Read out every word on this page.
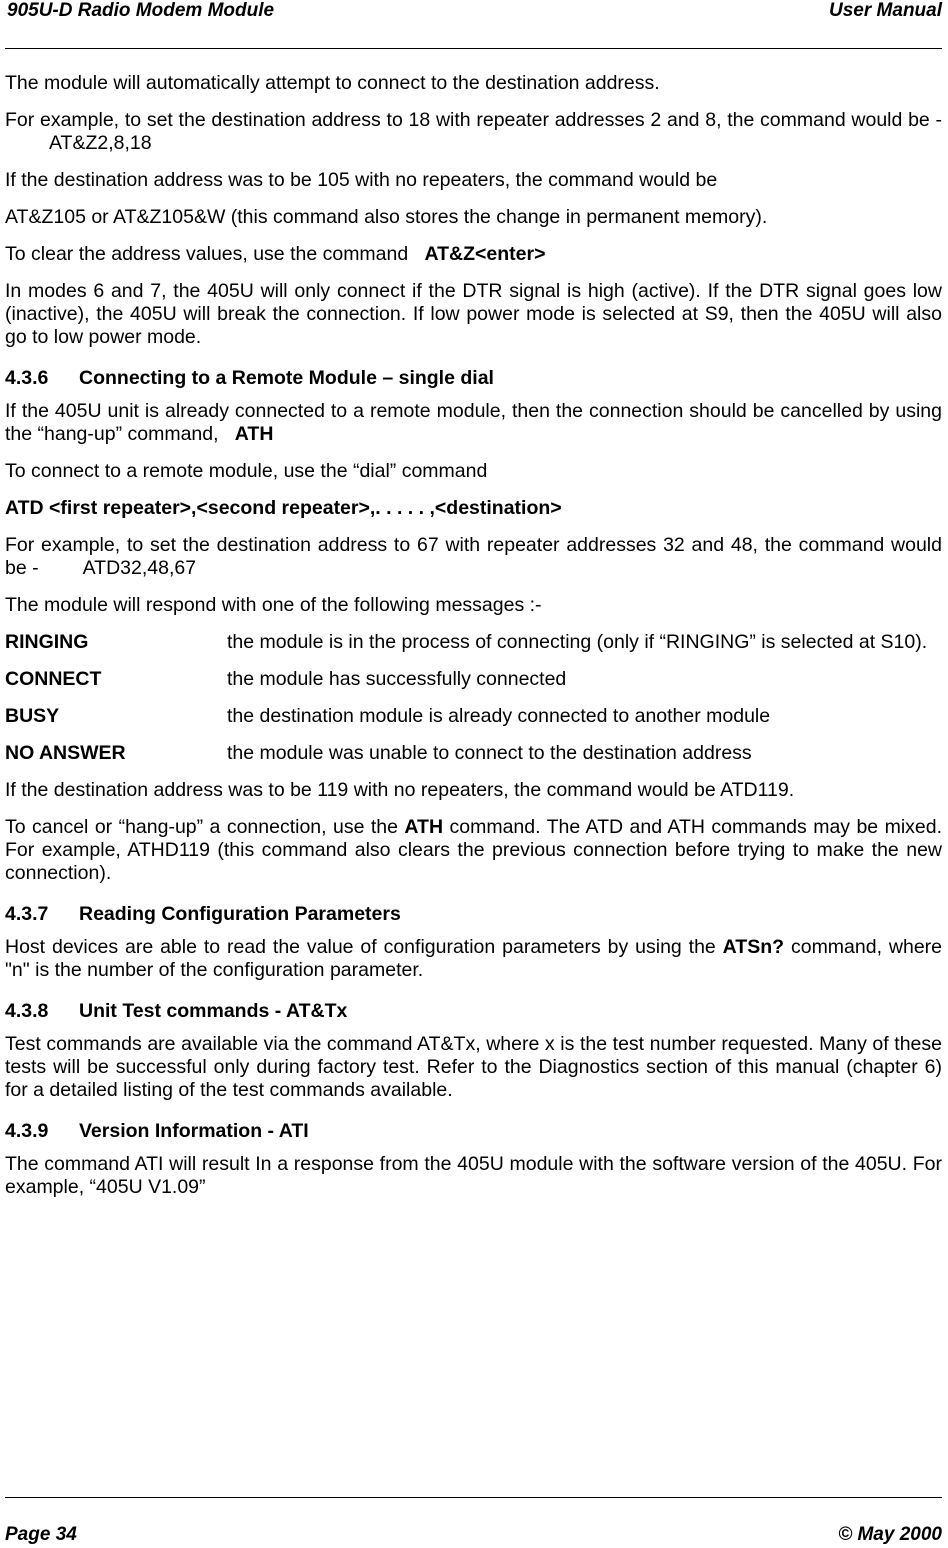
905U-D Radio Modem Module	User Manual

The module will automatically attempt to connect to the destination address.

For example, to set the destination address to 18 with repeater addresses 2 and 8, the command would be -AT&Z2,8,18

If the destination address was to be 105 with no repeaters, the command would be

AT&Z105 or AT&Z105&W (this command also stores the change in permanent memory).

To clear the address values, use the command AT&Z<enter>

In modes 6 and 7, the 405U will only connect if the DTR signal is high (active). If the DTR signal goes low (inactive), the 405U will break the connection. If low power mode is selected at S9, then the 405U will also go to low power mode.

4.3.6	Connecting to a Remote Module – single dial

If the 405U unit is already connected to a remote module, then the connection should be cancelled by using the “hang-up” command, ATH

To connect to a remote module, use the “dial” command

ATD <first repeater>,<second repeater>,. . . . . ,<destination>

For example, to set the destination address to 67 with repeater addresses 32 and 48, the command would be - ATD32,48,67

The module will respond with one of the following messages :-

RINGING	the module is in the process of connecting (only if “RINGING” is selected at S10).
CONNECT	the module has successfully connected
BUSY	the destination module is already connected to another module
NO ANSWER	the module was unable to connect to the destination address

If the destination address was to be 119 with no repeaters, the command would be ATD119.

To cancel or “hang-up” a connection, use the ATH command. The ATD and ATH commands may be mixed. For example, ATHD119 (this command also clears the previous connection before trying to make the new connection).

4.3.7	Reading Configuration Parameters

Host devices are able to read the value of configuration parameters by using the ATSn? command, where "n" is the number of the configuration parameter.

4.3.8	Unit Test commands - AT&Tx

Test commands are available via the command AT&Tx, where x is the test number requested. Many of these tests will be successful only during factory test. Refer to the Diagnostics section of this manual (chapter 6) for a detailed listing of the test commands available.

4.3.9	Version Information - ATI

The command ATI will result In a response from the 405U module with the software version of the 405U. For example, “405U V1.09”

Page 34	© May 2000
